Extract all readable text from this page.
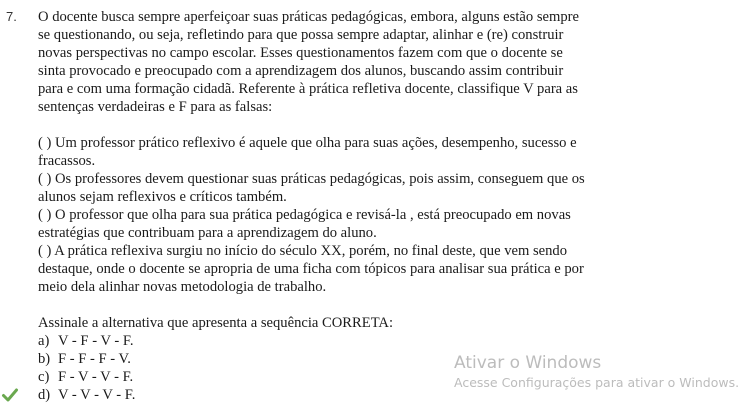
7. O docente busca sempre aperfeiçoar suas práticas pedagógicas, embora, alguns estão sempre se questionando, ou seja, refletindo para que possa sempre adaptar, alinhar e (re) construir novas perspectivas no campo escolar. Esses questionamentos fazem com que o docente se sinta provocado e preocupado com a aprendizagem dos alunos, buscando assim contribuir para e com uma formação cidadã. Referente à prática refletiva docente, classifique V para as sentenças verdadeiras e F para as falsas:

( ) Um professor prático reflexivo é aquele que olha para suas ações, desempenho, sucesso e fracassos.

( ) Os professores devem questionar suas práticas pedagógicas, pois assim, conseguem que os alunos sejam reflexivos e críticos também.

( ) O professor que olha para sua prática pedagógica e revisá-la , está preocupado em novas estratégias que contribuam para a aprendizagem do aluno.

( ) A prática reflexiva surgiu no início do século XX, porém, no final deste, que vem sendo destaque, onde o docente se apropria de uma ficha com tópicos para analisar sua prática e por meio dela alinhar novas metodologia de trabalho.

Assinale a alternativa que apresenta a sequência CORRETA:

a) V - F - V - F.
b) F - F - F - V.
c) F - V - V - F.
d) V - V - V - F.
Ativar o Windows
Acesse Configurações para ativar o Windows.
